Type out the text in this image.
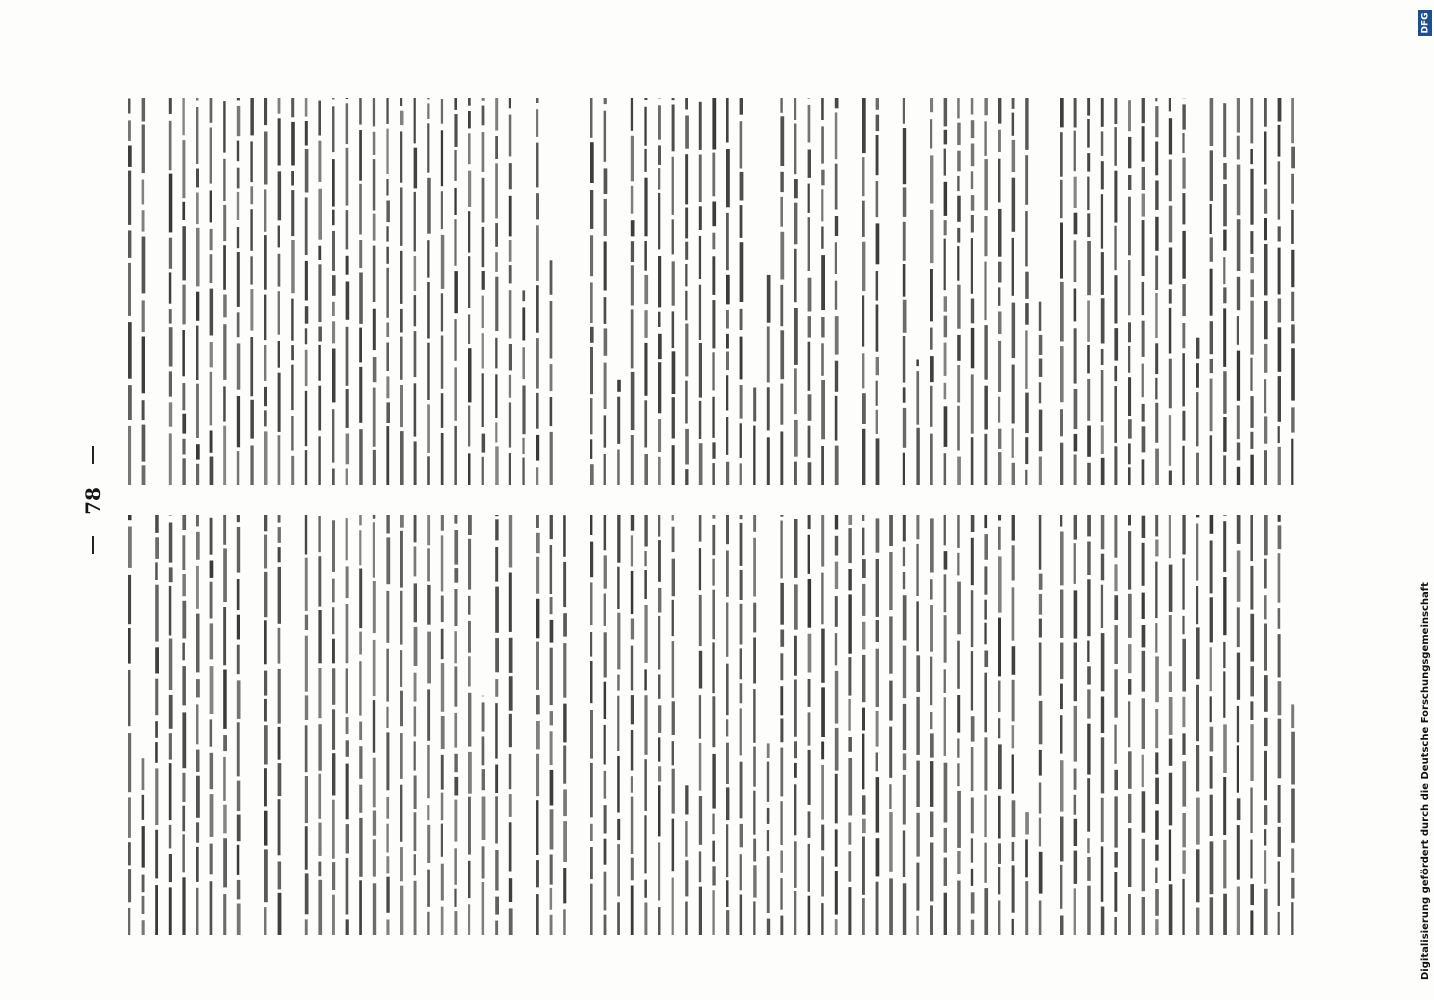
78
DFG
Digitalisierung gefördert durch die Deutsche Forschungsgemeinschaft
